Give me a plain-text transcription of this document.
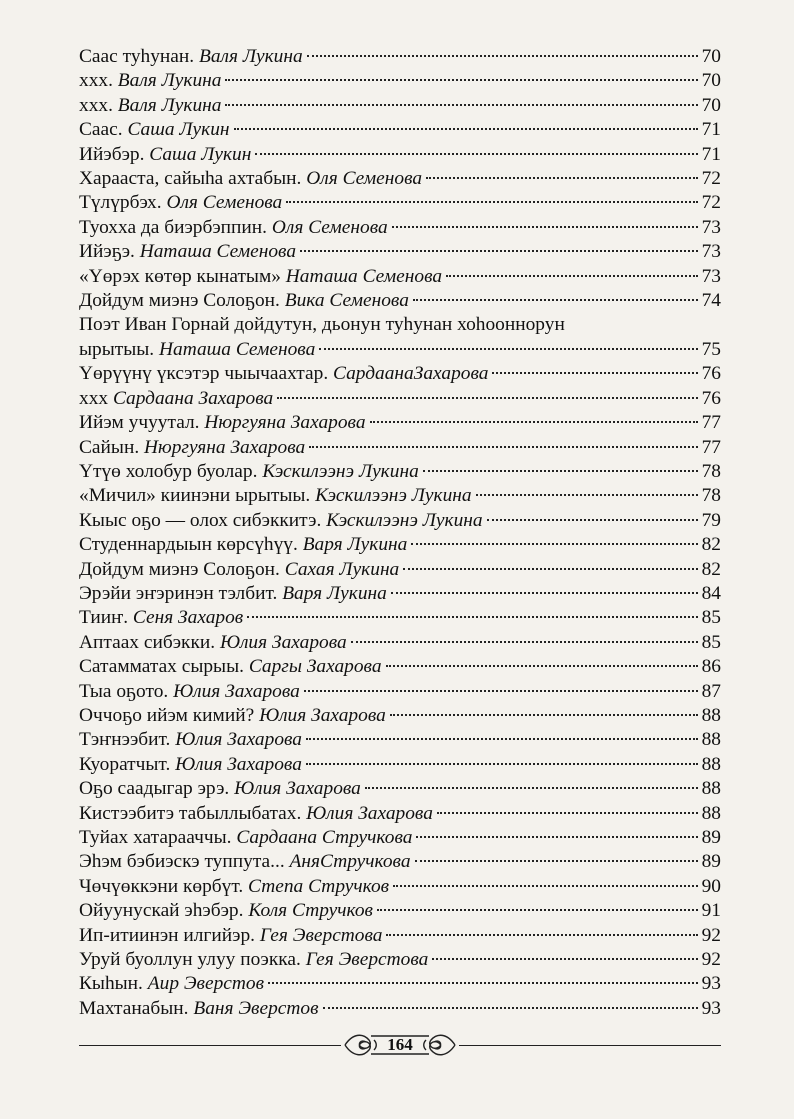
Саас туһунан. Валя Лукина	70
ххх. Валя Лукина	70
ххх. Валя Лукина	70
Саас. Саша Лукин	71
Ийэбэр. Саша Лукин	71
Харааста, сайыһа ахтабын. Оля Семенова	72
Түлүрбэх. Оля Семенова	72
Туохха да биэрбэппин. Оля Семенова	73
Ийэҕэ. Наташа Семенова	73
«Үөрэх көтөр кынатым» Наташа Семенова	73
Дойдум миэнэ Солоҕон. Вика Семенова	74
Поэт Иван Горнай дойдутун, дьонун туһунан хоһооннорун
ырытыы. Наташа Семенова	75
Үөрүүнү үксэтэр чыычаахтар. СардаанаЗахарова	76
ххх Сардаана Захарова	76
Ийэм учуутал. Нюргуяна Захарова	77
Сайын. Нюргуяна Захарова	77
Үтүө холобур буолар. Кэскилээнэ Лукина	78
«Мичил» киинэни ырытыы. Кэскилээнэ Лукина	78
Кыыс оҕо — олох сибэккитэ. Кэскилээнэ Лукина	79
Студеннардыын көрсүһүү. Варя Лукина	82
Дойдум миэнэ Солоҕон. Сахая Лукина	82
Эрэйи эҥэринэн тэлбит. Варя Лукина	84
Тииҥ. Сеня Захаров	85
Аптаах сибэкки. Юлия Захарова	85
Сатамматах сырыы. Саргы Захарова	86
Тыа оҕото. Юлия Захарова	87
Оччоҕо ийэм кимий? Юлия Захарова	88
Тэҥнээбит. Юлия Захарова	88
Куоратчыт. Юлия Захарова	88
Оҕо саадыгар эрэ. Юлия Захарова	88
Кистээбитэ табыллыбатах. Юлия Захарова	88
Туйах хатарааччы. Сардаана Стручкова	89
Эһэм бэбиэскэ туппута... АняСтручкова	89
Чөчүөккэни көрбүт. Степа Стручков	90
Ойуунускай эһэбэр. Коля Стручков	91
Ип-итиинэн илгийэр. Гея Эверстова	92
Уруй буоллун улуу поэкка. Гея Эверстова	92
Кыһын. Аир Эверстов	93
Махтанабын. Ваня Эверстов	93
164
